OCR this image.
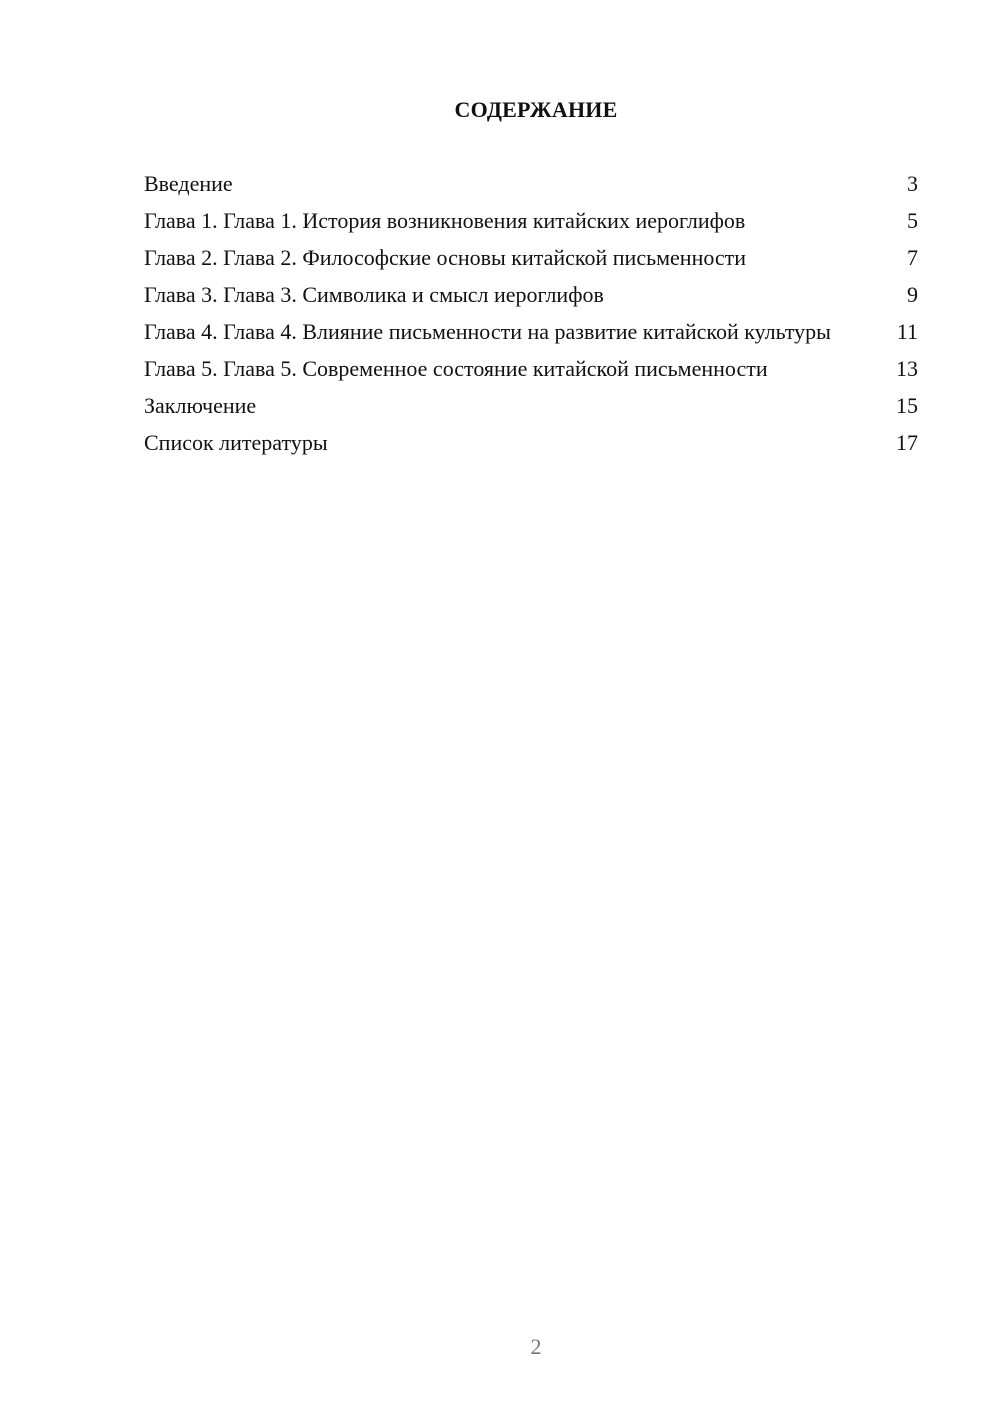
СОДЕРЖАНИЕ
Введение	3
Глава 1. Глава 1. История возникновения китайских иероглифов	5
Глава 2. Глава 2. Философские основы китайской письменности	7
Глава 3. Глава 3. Символика и смысл иероглифов	9
Глава 4. Глава 4. Влияние письменности на развитие китайской культуры	11
Глава 5. Глава 5. Современное состояние китайской письменности	13
Заключение	15
Список литературы	17
2
